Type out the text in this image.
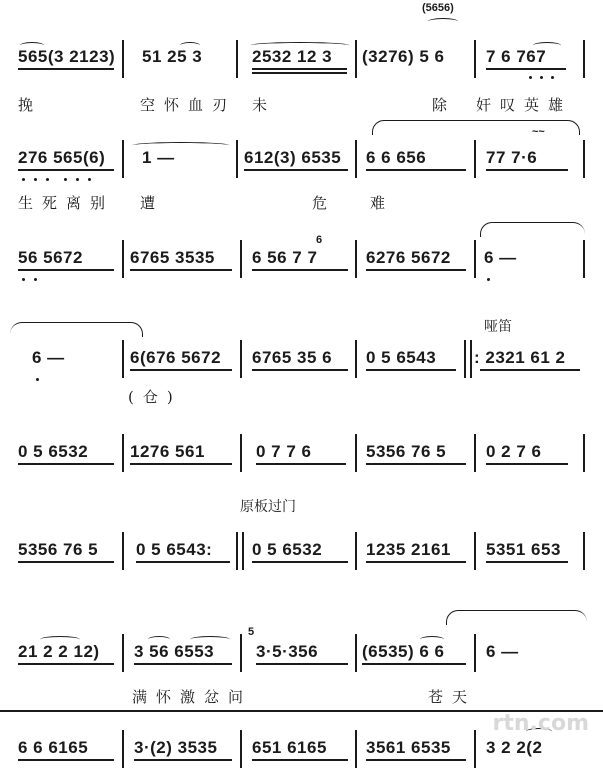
(5656)
565(3 2123) 51 25 3	2532 12 3 (3276) 5 6 7 6 767
挽	空怀血刃 未	除 奸叹英雄
~~
276 565(6) 1 —	612(3) 6535 6 6 656	77 7·6
生死离别 遭	危 难
6
56 5672	6765 3535 6 56 7 7	6276 5672 6 —
哑笛
6 —	6(676 5672 6765 35 6 0 5 6543 : 2321 61 2
(仓)
0 5 6532 1276 561	0 7 7 6	5356 76 5 0 2 7 6
原板过门
5356 76 5 0 5 6543: 0 5 6532	1235 2161 5351 653
5
21 2 2 12) 3 56 6553 3·5·356	(6535) 6 6 6 —
满怀激忿问	苍天
6 6 6165	3·(2) 3535 651 6165 3561 6535 3 2 2(2
rtn.com
